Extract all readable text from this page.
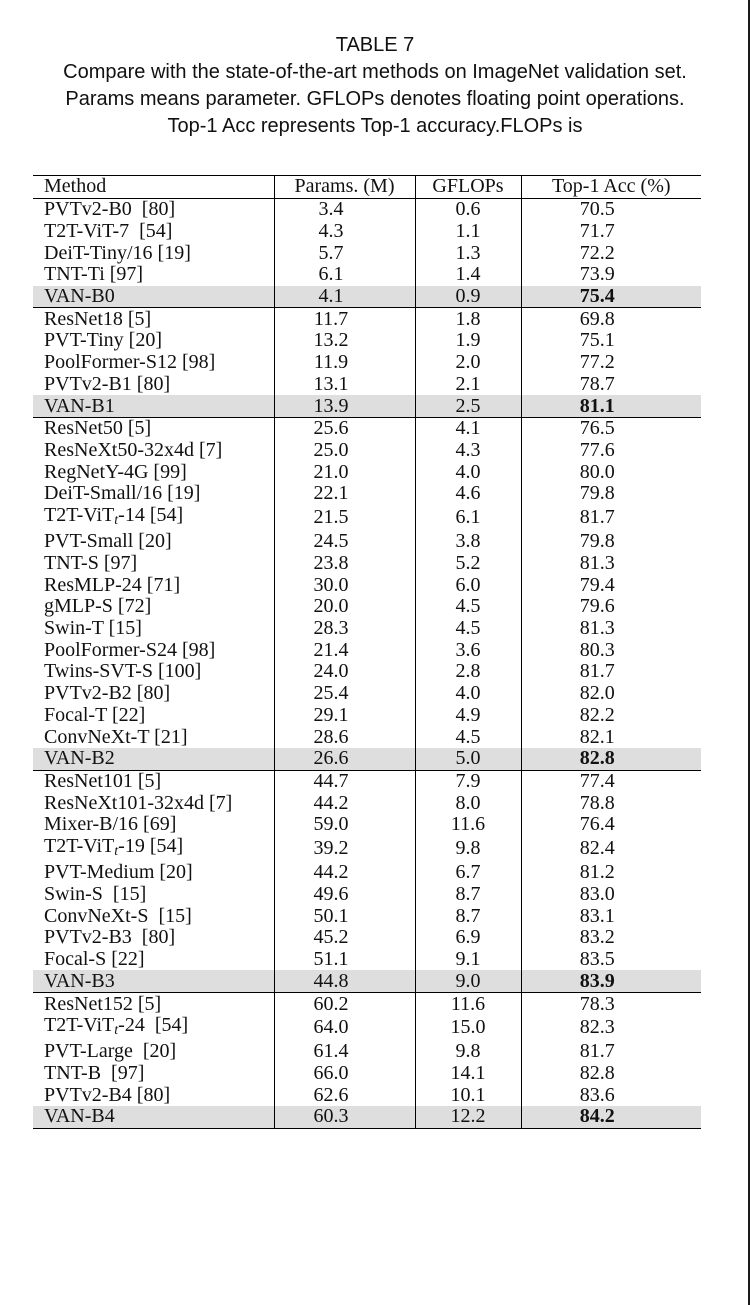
TABLE 7
Compare with the state-of-the-art methods on ImageNet validation set.
Params means parameter. GFLOPs denotes floating point operations.
Top-1 Acc represents Top-1 accuracy.FLOPs is
Method	Params. (M)	GFLOPs	Top-1 Acc (%)
PVTv2-B0  [80]	3.4	0.6	70.5
T2T-ViT-7  [54]	4.3	1.1	71.7
DeiT-Tiny/16 [19]	5.7	1.3	72.2
TNT-Ti [97]	6.1	1.4	73.9
VAN-B0	4.1	0.9	75.4
ResNet18 [5]	11.7	1.8	69.8
PVT-Tiny [20]	13.2	1.9	75.1
PoolFormer-S12 [98]	11.9	2.0	77.2
PVTv2-B1 [80]	13.1	2.1	78.7
VAN-B1	13.9	2.5	81.1
ResNet50 [5]	25.6	4.1	76.5
ResNeXt50-32x4d [7]	25.0	4.3	77.6
RegNetY-4G [99]	21.0	4.0	80.0
DeiT-Small/16 [19]	22.1	4.6	79.8
T2T-ViT$_t$-14 [54]	21.5	6.1	81.7
PVT-Small [20]	24.5	3.8	79.8
TNT-S [97]	23.8	5.2	81.3
ResMLP-24 [71]	30.0	6.0	79.4
gMLP-S [72]	20.0	4.5	79.6
Swin-T [15]	28.3	4.5	81.3
PoolFormer-S24 [98]	21.4	3.6	80.3
Twins-SVT-S [100]	24.0	2.8	81.7
PVTv2-B2 [80]	25.4	4.0	82.0
Focal-T [22]	29.1	4.9	82.2
ConvNeXt-T [21]	28.6	4.5	82.1
VAN-B2	26.6	5.0	82.8
ResNet101 [5]	44.7	7.9	77.4
ResNeXt101-32x4d [7]	44.2	8.0	78.8
Mixer-B/16 [69]	59.0	11.6	76.4
T2T-ViT$_t$-19 [54]	39.2	9.8	82.4
PVT-Medium [20]	44.2	6.7	81.2
Swin-S  [15]	49.6	8.7	83.0
ConvNeXt-S  [15]	50.1	8.7	83.1
PVTv2-B3  [80]	45.2	6.9	83.2
Focal-S [22]	51.1	9.1	83.5
VAN-B3	44.8	9.0	83.9
ResNet152 [5]	60.2	11.6	78.3
T2T-ViT$_t$-24  [54]	64.0	15.0	82.3
PVT-Large  [20]	61.4	9.8	81.7
TNT-B  [97]	66.0	14.1	82.8
PVTv2-B4 [80]	62.6	10.1	83.6
VAN-B4	60.3	12.2	84.2
